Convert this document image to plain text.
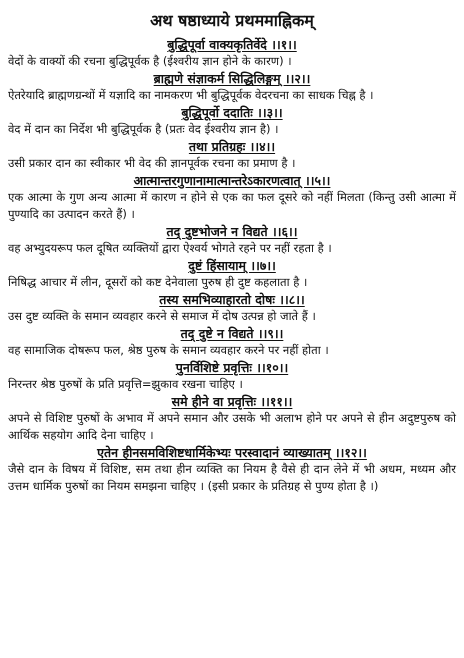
अथ षष्ठाध्याये प्रथममाह्निकम्
बुद्धिपूर्वा वाक्यकृतिर्वेदे ।।१।।
वेदों के वाक्यों की रचना बुद्धिपूर्वक है (ईश्वरीय ज्ञान होने के कारण) ।
ब्राह्मणे संज्ञाकर्म सिद्धिलिङ्गम् ।।२।।
ऐतरेयादि ब्राह्मणग्रन्थों में यज्ञादि का नामकरण भी बुद्धिपूर्वक वेदरचना का साधक चिह्न है ।
बुद्धिपूर्वो ददातिः ।।३।।
वेद में दान का निर्देश भी बुद्धिपूर्वक है (प्रतः वेद ईश्वरीय ज्ञान है) ।
तथा प्रतिग्रहः ।।४।।
उसी प्रकार दान का स्वीकार भी वेद की ज्ञानपूर्वक रचना का प्रमाण है ।
आत्मान्तरगुणानामात्मान्तरेऽकारणत्वात् ।।५।।
एक आत्मा के गुण अन्य आत्मा में कारण न होने से एक का फल दूसरे को नहीं मिलता (किन्तु उसी आत्मा में पुण्यादि का उत्पादन करते हैं) ।
तद् दुष्टभोजने न विद्यते ।।६।।
वह अभ्युदयरूप फल दूषित व्यक्तियों द्वारा ऐश्वर्य भोगते रहने पर नहीं रहता है ।
दुष्टं हिंसायाम् ।।७।।
निषिद्ध आचार में लीन, दूसरों को कष्ट देनेवाला पुरुष ही दुष्ट कहलाता है ।
तस्य समभिव्याहारतो दोषः ।।८।।
उस दुष्ट व्यक्ति के समान व्यवहार करने से समाज में दोष उत्पन्न हो जाते हैं ।
तद् दुष्टे न विद्यते ।।९।।
वह सामाजिक दोषरूप फल, श्रेष्ठ पुरुष के समान व्यवहार करने पर नहीं होता ।
पुनर्विशिष्टे प्रवृत्तिः ।।१०।।
निरन्तर श्रेष्ठ पुरुषों के प्रति प्रवृत्ति=झुकाव रखना चाहिए ।
समे हीने वा प्रवृत्तिः ।।११।।
अपने से विशिष्ट पुरुषों के अभाव में अपने समान और उसके भी अलाभ होने पर अपने से हीन अदुष्टपुरुष को आर्थिक सहयोग आदि देना चाहिए ।
एतेन हीनसमविशिष्टधार्मिकेभ्यः परस्वादानं व्याख्यातम् ।।१२।।
जैसे दान के विषय में विशिष्ट, सम तथा हीन व्यक्ति का नियम है वैसे ही दान लेने में भी अधम, मध्यम और उत्तम धार्मिक पुरुषों का नियम समझना चाहिए । (इसी प्रकार के प्रतिग्रह से पुण्य होता है ।)
